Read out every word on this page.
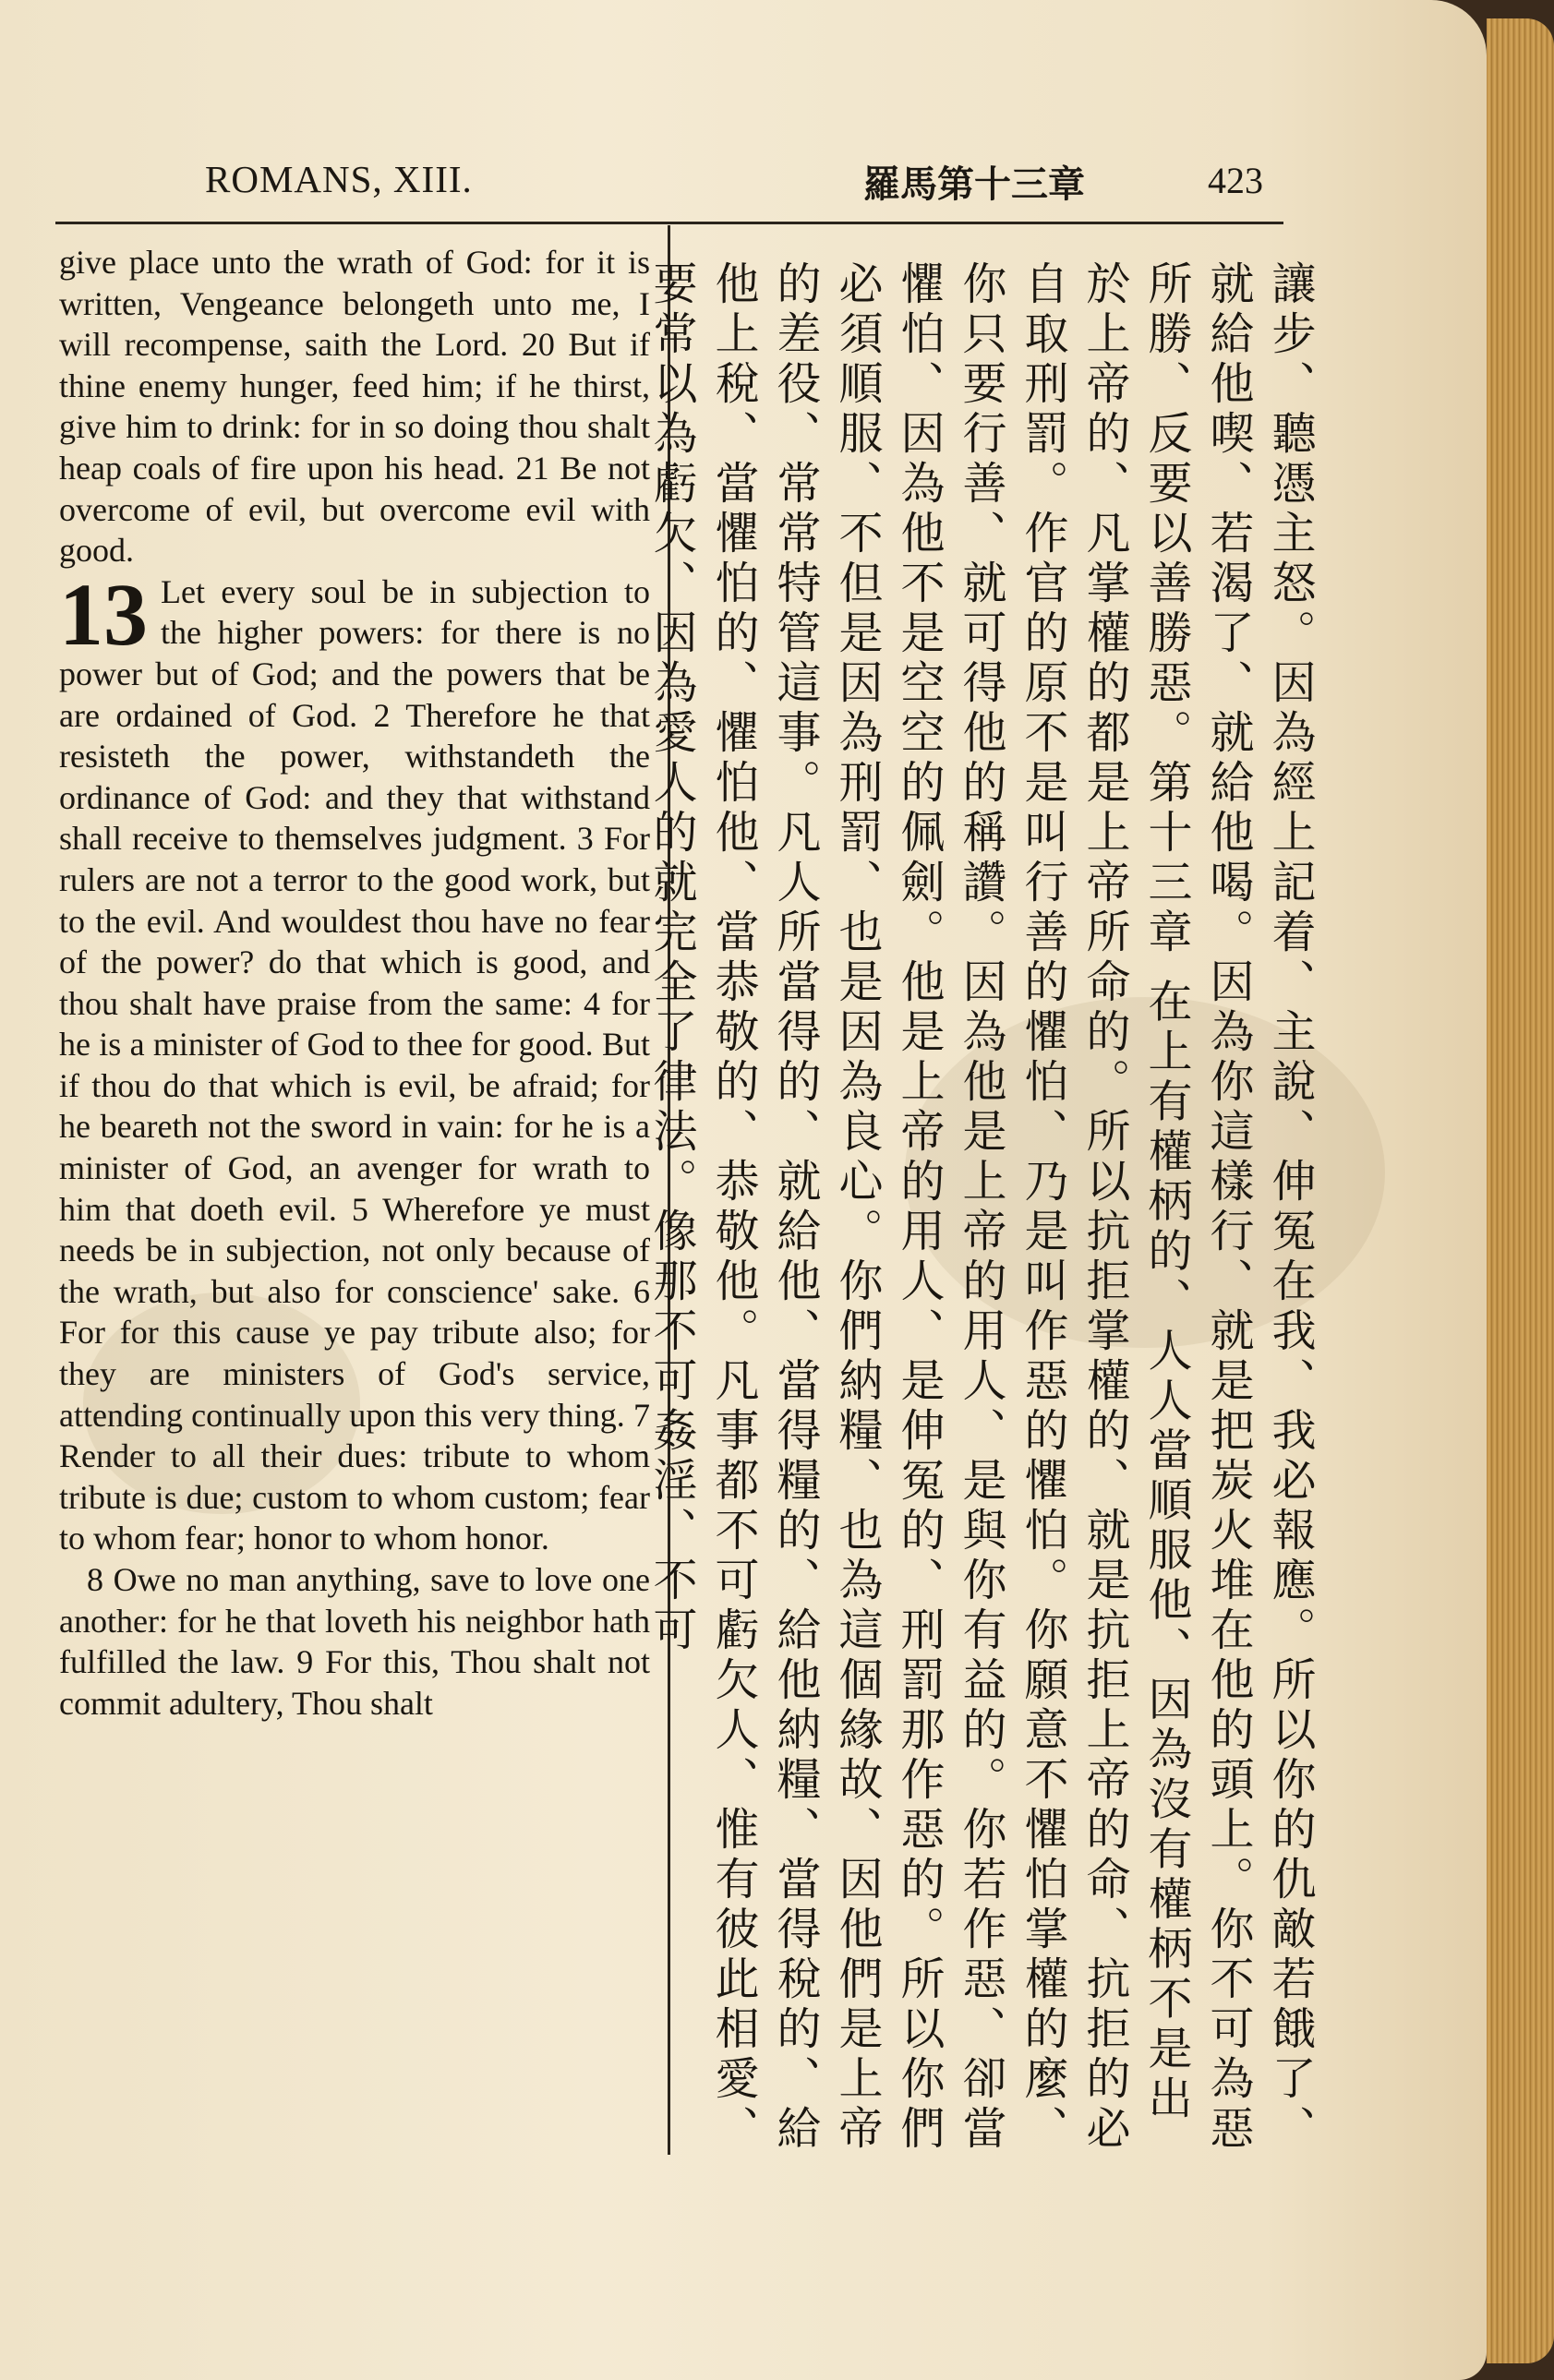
ROMANS, XIII.	羅馬第十三章	423

give place unto the wrath of God: for it is written, Vengeance belongeth unto me, I will recompense, saith the Lord. 20 But if thine enemy hunger, feed him; if he thirst, give him to drink: for in so doing thou shalt heap coals of fire upon his head. 21 Be not overcome of evil, but overcome evil with good.

13 Let every soul be in subjection to the higher powers: for there is no power but of God; and the powers that be are ordained of God. 2 Therefore he that resisteth the power, withstandeth the ordinance of God: and they that withstand shall receive to themselves judgment. 3 For rulers are not a terror to the good work, but to the evil. And wouldest thou have no fear of the power? do that which is good, and thou shalt have praise from the same: 4 for he is a minister of God to thee for good. But if thou do that which is evil, be afraid; for he beareth not the sword in vain: for he is a minister of God, an avenger for wrath to him that doeth evil. 5 Wherefore ye must needs be in subjection, not only because of the wrath, but also for conscience' sake. 6 For for this cause ye pay tribute also; for they are ministers of God's service, attending continually upon this very thing. 7 Render to all their dues: tribute to whom tribute is due; custom to whom custom; fear to whom fear; honor to whom honor.

8 Owe no man anything, save to love one another: for he that loveth his neighbor hath fulfilled the law. 9 For this, Thou shalt not commit adultery, Thou shalt	讓步、聽憑主怒。因為經上記着、主說、伸冤在我、我必報應。所以你的仇敵若餓了、就給他喫、若渴了、就給他喝。因為你這樣行、就是把炭火堆在他的頭上。你不可為惡所勝、反要以善勝惡。第十三章 在上有權柄的、人人當順服他、因為沒有權柄不是出於上帝的、凡掌權的都是上帝所命的。所以抗拒掌權的、就是抗拒上帝的命、抗拒的必自取刑罰。作官的原不是叫行善的懼怕、乃是叫作惡的懼怕。你願意不懼怕掌權的麼、你只要行善、就可得他的稱讚。因為他是上帝的用人、是與你有益的。你若作惡、卻當懼怕、因為他不是空空的佩劍。他是上帝的用人、是伸冤的、刑罰那作惡的。所以你們必須順服、不但是因為刑罰、也是因為良心。你們納糧、也為這個緣故、因他們是上帝的差役、常常特管這事。凡人所當得的、就給他、當得糧的、給他納糧、當得稅的、給他上稅、當懼怕的、懼怕他、當恭敬的、恭敬他。凡事都不可虧欠人、惟有彼此相愛、要常以為虧欠、因為愛人的就完全了律法。像那不可姦淫、不可
